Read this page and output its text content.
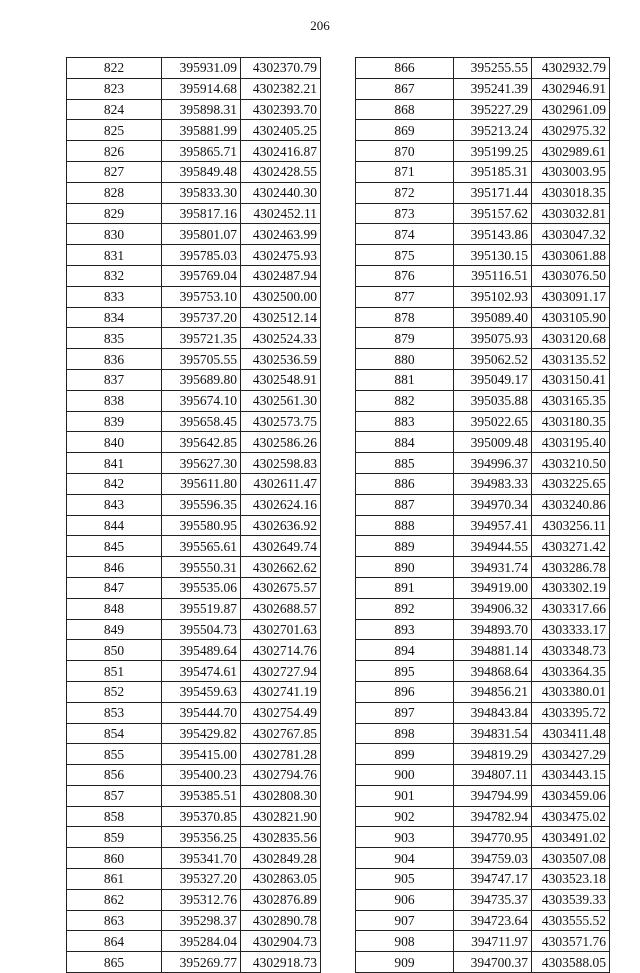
206
822	395931.09	4302370.79
823	395914.68	4302382.21
824	395898.31	4302393.70
825	395881.99	4302405.25
826	395865.71	4302416.87
827	395849.48	4302428.55
828	395833.30	4302440.30
829	395817.16	4302452.11
830	395801.07	4302463.99
831	395785.03	4302475.93
832	395769.04	4302487.94
833	395753.10	4302500.00
834	395737.20	4302512.14
835	395721.35	4302524.33
836	395705.55	4302536.59
837	395689.80	4302548.91
838	395674.10	4302561.30
839	395658.45	4302573.75
840	395642.85	4302586.26
841	395627.30	4302598.83
842	395611.80	4302611.47
843	395596.35	4302624.16
844	395580.95	4302636.92
845	395565.61	4302649.74
846	395550.31	4302662.62
847	395535.06	4302675.57
848	395519.87	4302688.57
849	395504.73	4302701.63
850	395489.64	4302714.76
851	395474.61	4302727.94
852	395459.63	4302741.19
853	395444.70	4302754.49
854	395429.82	4302767.85
855	395415.00	4302781.28
856	395400.23	4302794.76
857	395385.51	4302808.30
858	395370.85	4302821.90
859	395356.25	4302835.56
860	395341.70	4302849.28
861	395327.20	4302863.05
862	395312.76	4302876.89
863	395298.37	4302890.78
864	395284.04	4302904.73
865	395269.77	4302918.73
866	395255.55	4302932.79
867	395241.39	4302946.91
868	395227.29	4302961.09
869	395213.24	4302975.32
870	395199.25	4302989.61
871	395185.31	4303003.95
872	395171.44	4303018.35
873	395157.62	4303032.81
874	395143.86	4303047.32
875	395130.15	4303061.88
876	395116.51	4303076.50
877	395102.93	4303091.17
878	395089.40	4303105.90
879	395075.93	4303120.68
880	395062.52	4303135.52
881	395049.17	4303150.41
882	395035.88	4303165.35
883	395022.65	4303180.35
884	395009.48	4303195.40
885	394996.37	4303210.50
886	394983.33	4303225.65
887	394970.34	4303240.86
888	394957.41	4303256.11
889	394944.55	4303271.42
890	394931.74	4303286.78
891	394919.00	4303302.19
892	394906.32	4303317.66
893	394893.70	4303333.17
894	394881.14	4303348.73
895	394868.64	4303364.35
896	394856.21	4303380.01
897	394843.84	4303395.72
898	394831.54	4303411.48
899	394819.29	4303427.29
900	394807.11	4303443.15
901	394794.99	4303459.06
902	394782.94	4303475.02
903	394770.95	4303491.02
904	394759.03	4303507.08
905	394747.17	4303523.18
906	394735.37	4303539.33
907	394723.64	4303555.52
908	394711.97	4303571.76
909	394700.37	4303588.05
